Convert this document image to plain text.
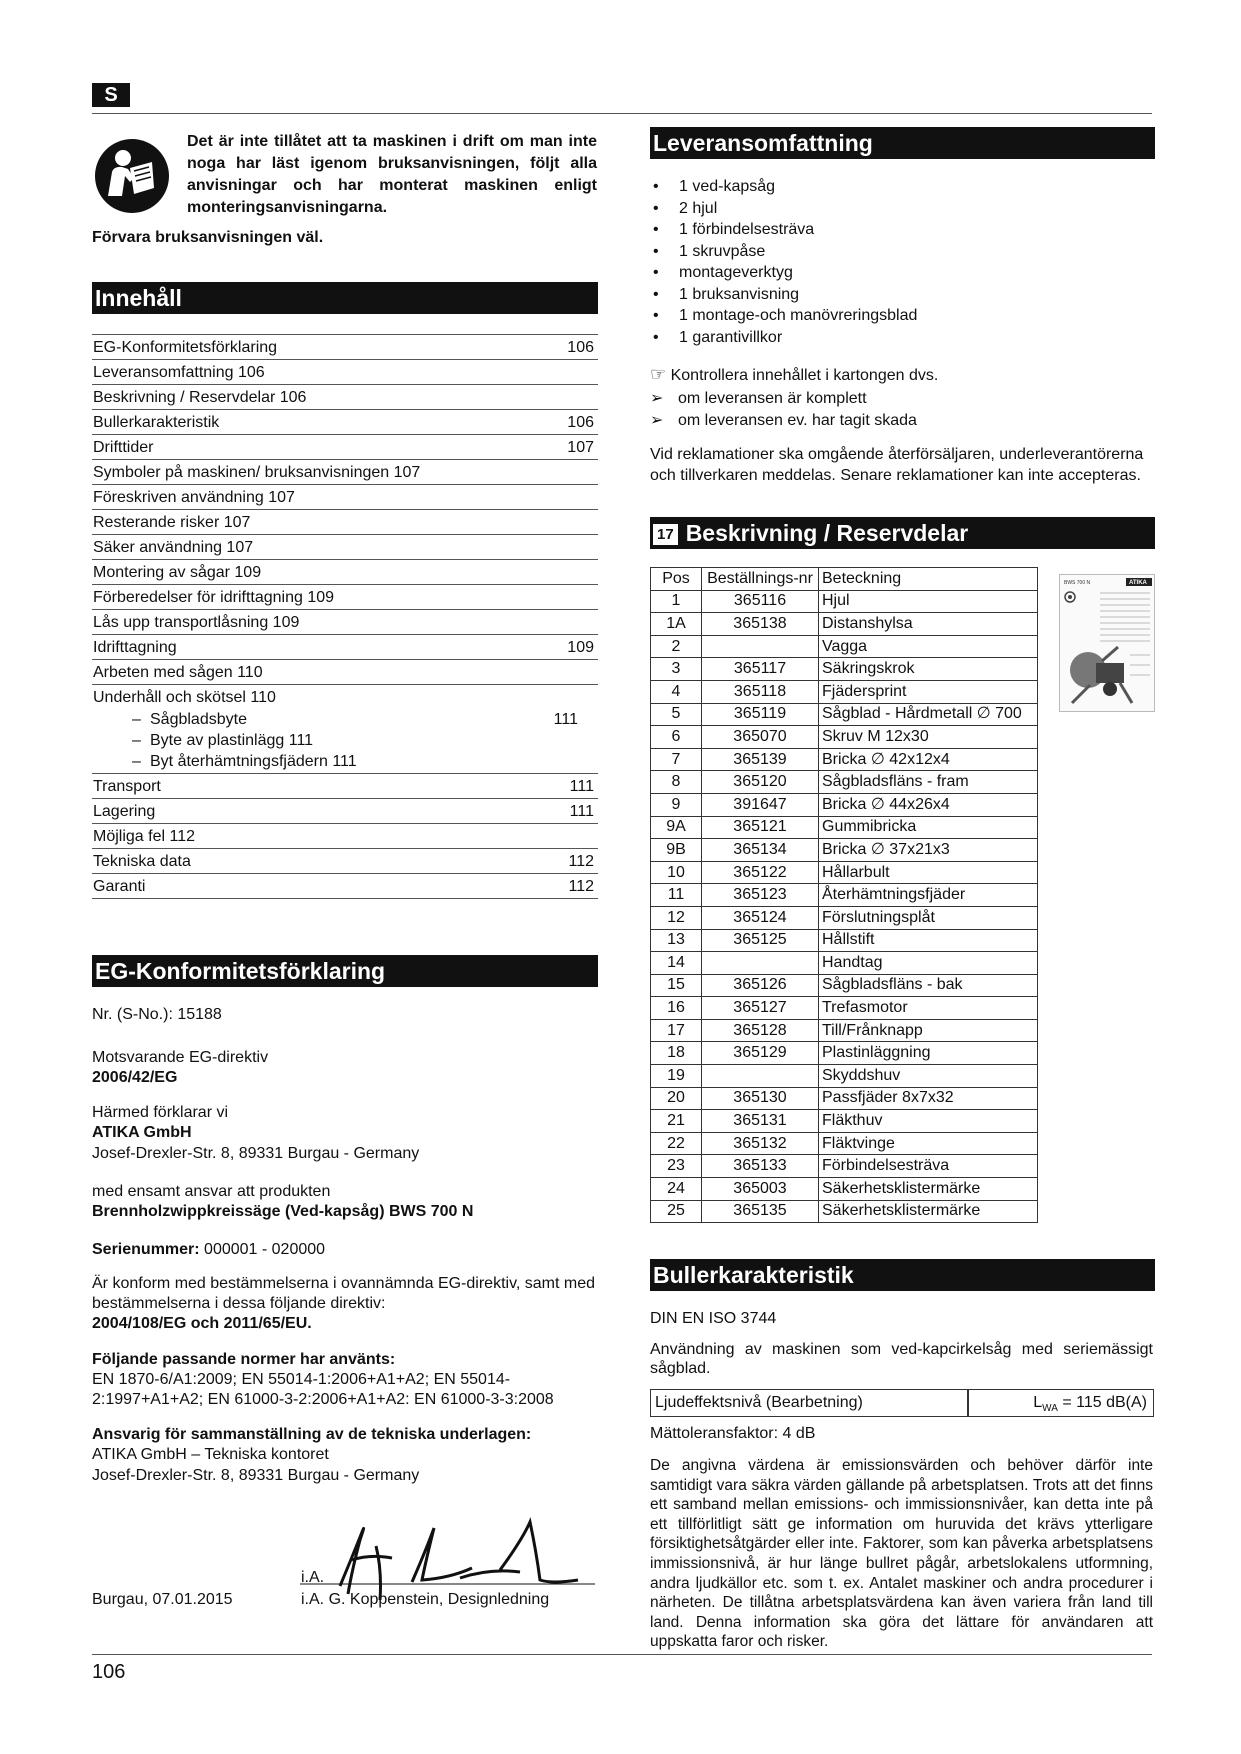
S
106
Det är inte tillåtet att ta maskinen i drift om man inte noga har läst igenom bruksanvisningen, följt alla anvisningar och har monterat maskinen enligt monteringsanvisningarna.
Förvara bruksanvisningen väl.
Innehåll
EG-Konformitetsförklaring	106
Leveransomfattning 106
Beskrivning / Reservdelar 106
Bullerkarakteristik	106
Drifttider	107
Symboler på maskinen/ bruksanvisningen 107
Föreskriven användning 107
Resterande risker 107
Säker användning 107
Montering av sågar 109
Förberedelser för idrifttagning 109
Lås upp transportlåsning 109
Idrifttagning	109
Arbeten med sågen 110
Underhåll och skötsel 110
– Sågbladsbyte	111
– Byte av plastinlägg 111
– Byt återhämtningsfjädern 111
Transport	111
Lagering	111
Möjliga fel 112
Tekniska data	112
Garanti	112
EG-Konformitetsförklaring
Nr. (S-No.): 15188
Motsvarande EG-direktiv
2006/42/EG
Härmed förklarar vi
ATIKA GmbH
Josef-Drexler-Str. 8, 89331 Burgau - Germany
med ensamt ansvar att produkten
Brennholzwippkreissäge (Ved-kapsåg) BWS 700 N
Serienummer: 000001 - 020000
Är konform med bestämmelserna i ovannämnda EG-direktiv, samt med bestämmelserna i dessa följande direktiv:
2004/108/EG och 2011/65/EU.
Följande passande normer har använts:
EN 1870-6/A1:2009; EN 55014-1:2006+A1+A2; EN 55014-2:1997+A1+A2; EN 61000-3-2:2006+A1+A2: EN 61000-3-3:2008
Ansvarig för sammanställning av de tekniska underlagen:
ATIKA GmbH – Tekniska kontoret
Josef-Drexler-Str. 8, 89331 Burgau - Germany
i.A.
Burgau, 07.01.2015	i.A. G. Koppenstein, Designledning
Leveransomfattning
• 1 ved-kapsåg
• 2 hjul
• 1 förbindelsesträva
• 1 skruvpåse
• montageverktyg
• 1 bruksanvisning
• 1 montage-och manövreringsblad
• 1 garantivillkor
☞ Kontrollera innehållet i kartongen dvs.
➢ om leveransen är komplett
➢ om leveransen ev. har tagit skada
Vid reklamationer ska omgående återförsäljaren, underleverantörerna och tillverkaren meddelas. Senare reklamationer kan inte accepteras.
17 Beskrivning / Reservdelar
Pos	Beställnings-nr	Beteckning
1	365116	Hjul
1A	365138	Distanshylsa
2		Vagga
3	365117	Säkringskrok
4	365118	Fjädersprint
5	365119	Sågblad - Hårdmetall ∅ 700
6	365070	Skruv M 12x30
7	365139	Bricka ∅ 42x12x4
8	365120	Sågbladsfläns - fram
9	391647	Bricka ∅ 44x26x4
9A	365121	Gummibricka
9B	365134	Bricka ∅ 37x21x3
10	365122	Hållarbult
11	365123	Återhämtningsfjäder
12	365124	Förslutningsplåt
13	365125	Hållstift
14		Handtag
15	365126	Sågbladsfläns - bak
16	365127	Trefasmotor
17	365128	Till/Frånknapp
18	365129	Plastinläggning
19		Skyddshuv
20	365130	Passfjäder 8x7x32
21	365131	Fläkthuv
22	365132	Fläktvinge
23	365133	Förbindelsesträva
24	365003	Säkerhetsklistermärke
25	365135	Säkerhetsklistermärke
BWS 700 N	ATIKA
Bullerkarakteristik
DIN EN ISO 3744
Användning av maskinen som ved-kapcirkelsåg med seriemässigt sågblad.
Ljudeffektsnivå (Bearbetning)	$L_{WA} = 115$ dB(A)
Mättoleransfaktor: 4 dB
De angivna värdena är emissionsvärden och behöver därför inte samtidigt vara säkra värden gällande på arbetsplatsen. Trots att det finns ett samband mellan emissions- och immissionsnivåer, kan detta inte på ett tillförlitligt sätt ge information om huruvida det krävs ytterligare försiktighetsåtgärder eller inte. Faktorer, som kan påverka arbetsplatsens immissionsnivå, är hur länge bullret pågår, arbetslokalens utformning, andra ljudkällor etc. som t. ex. Antalet maskiner och andra procedurer i närheten. De tillåtna arbetsplatsvärdena kan även variera från land till land. Denna information ska göra det lättare för användaren att uppskatta faror och risker.
